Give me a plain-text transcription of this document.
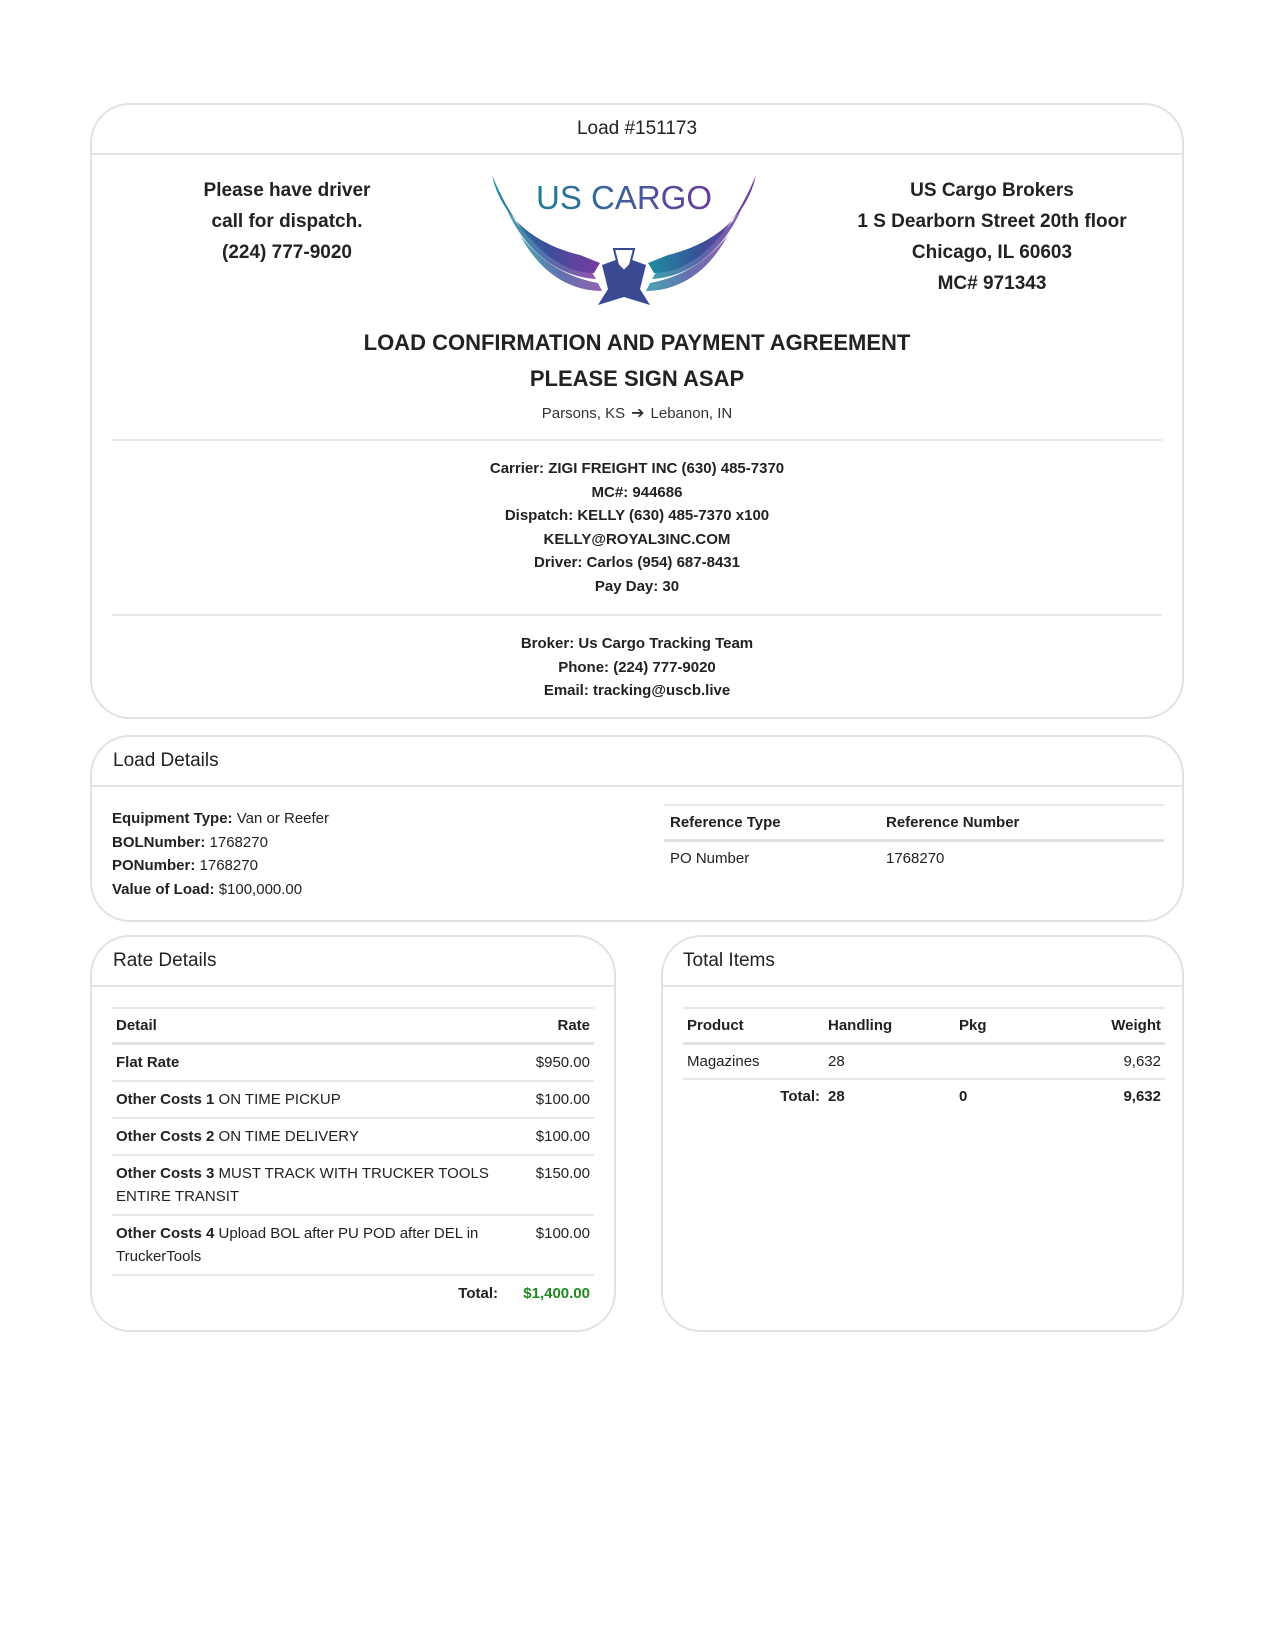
Load #151173
Please have driver
call for dispatch.
(224) 777-9020
US CARGO	US Cargo Brokers
1 S Dearborn Street 20th floor
Chicago, IL 60603
MC# 971343
LOAD CONFIRMATION AND PAYMENT AGREEMENT
PLEASE SIGN ASAP
Parsons, KS ➔ Lebanon, IN
Carrier: ZIGI FREIGHT INC (630) 485-7370
MC#: 944686
Dispatch: KELLY (630) 485-7370 x100
KELLY@ROYAL3INC.COM
Driver: Carlos (954) 687-8431
Pay Day: 30
Broker: Us Cargo Tracking Team
Phone: (224) 777-9020
Email: tracking@uscb.live
Load Details
Equipment Type: Van or Reefer
BOLNumber: 1768270
PONumber: 1768270
Value of Load: $100,000.00
Reference Type	Reference Number
PO Number	1768270
Rate Details
Detail	Rate
Flat Rate	$950.00
Other Costs 1 ON TIME PICKUP	$100.00
Other Costs 2 ON TIME DELIVERY	$100.00
Other Costs 3 MUST TRACK WITH TRUCKER TOOLS ENTIRE TRANSIT	$150.00
Other Costs 4 Upload BOL after PU POD after DEL in TruckerTools	$100.00
Total:	$1,400.00
Total Items
Product	Handling	Pkg	Weight
Magazines	28		9,632
Total:	28	0	9,632
